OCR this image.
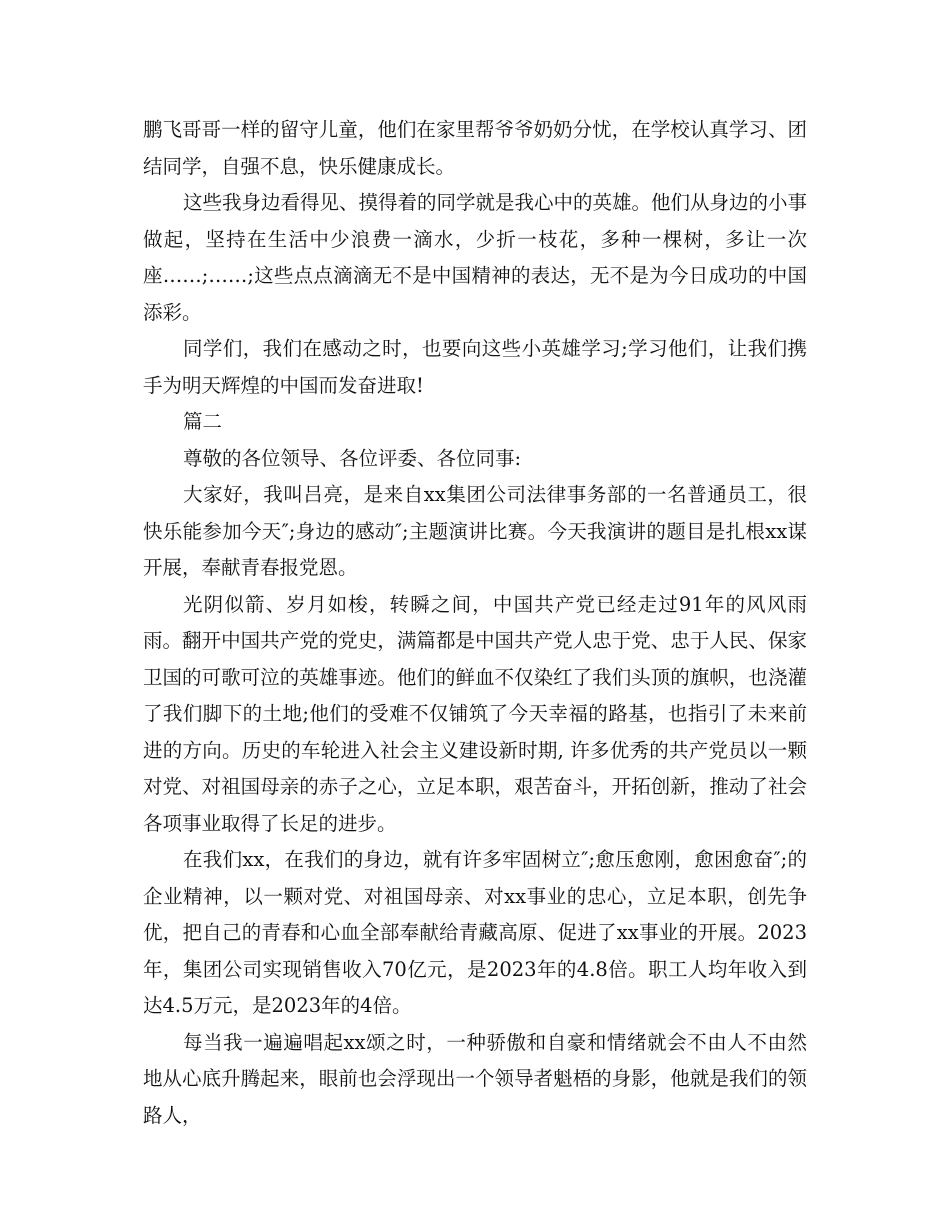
鹏飞哥哥一样的留守儿童，他们在家里帮爷爷奶奶分忧，在学校认真学习、团结同学，自强不息，快乐健康成长。

这些我身边看得见、摸得着的同学就是我心中的英雄。他们从身边的小事做起，坚持在生活中少浪费一滴水，少折一枝花，多种一棵树，多让一次座……;……;这些点点滴滴无不是中国精神的表达，无不是为今日成功的中国添彩。

同学们，我们在感动之时，也要向这些小英雄学习;学习他们，让我们携手为明天辉煌的中国而发奋进取!

篇二

尊敬的各位领导、各位评委、各位同事:

大家好，我叫吕亮，是来自xx集团公司法律事务部的一名普通员工，很快乐能参加今天″;身边的感动″;主题演讲比赛。今天我演讲的题目是扎根xx谋开展，奉献青春报党恩。

光阴似箭、岁月如梭，转瞬之间，中国共产党已经走过91年的风风雨雨。翻开中国共产党的党史，满篇都是中国共产党人忠于党、忠于人民、保家卫国的可歌可泣的英雄事迹。他们的鲜血不仅染红了我们头顶的旗帜，也浇灌了我们脚下的土地;他们的受难不仅铺筑了今天幸福的路基，也指引了未来前进的方向。历史的车轮进入社会主义建设新时期, 许多优秀的共产党员以一颗对党、对祖国母亲的赤子之心，立足本职，艰苦奋斗，开拓创新，推动了社会各项事业取得了长足的进步。

在我们xx，在我们的身边，就有许多牢固树立″;愈压愈刚，愈困愈奋″;的企业精神，以一颗对党、对祖国母亲、对xx事业的忠心，立足本职，创先争优，把自己的青春和心血全部奉献给青藏高原、促进了xx事业的开展。2023年，集团公司实现销售收入70亿元，是2023年的4.8倍。职工人均年收入到达4.5万元，是2023年的4倍。

每当我一遍遍唱起xx颂之时，一种骄傲和自豪和情绪就会不由人不由然地从心底升腾起来，眼前也会浮现出一个领导者魁梧的身影，他就是我们的领路人，
